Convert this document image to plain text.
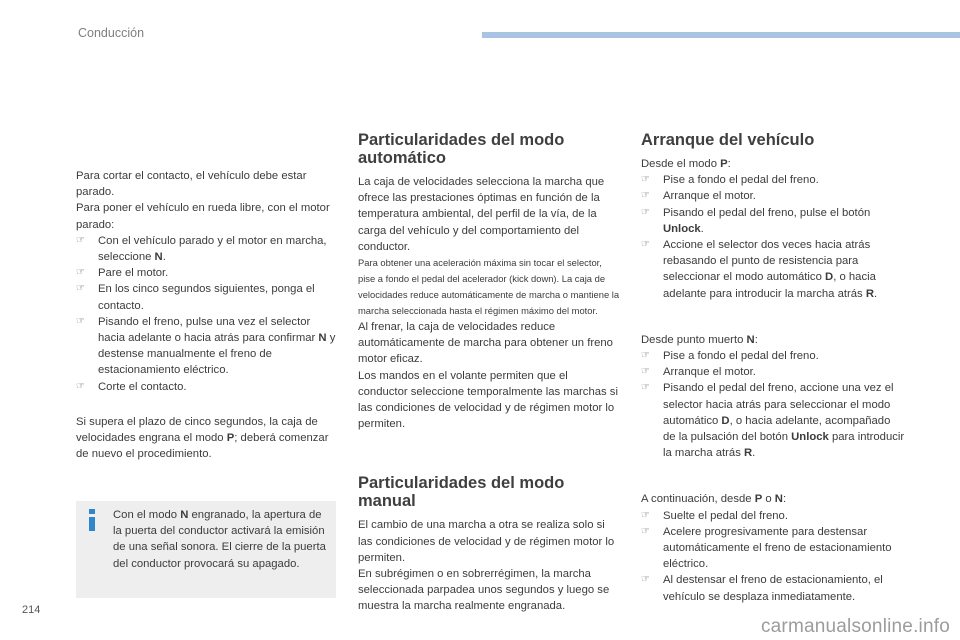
Conducción

Para cortar el contacto, el vehículo debe estar parado.

Para poner el vehículo en rueda libre, con el motor parado:

☞ Con el vehículo parado y el motor en marcha, seleccione N.
☞ Pare el motor.
☞ En los cinco segundos siguientes, ponga el contacto.
☞ Pisando el freno, pulse una vez el selector hacia adelante o hacia atrás para confirmar N y destense manualmente el freno de estacionamiento eléctrico.
☞ Corte el contacto.

Si supera el plazo de cinco segundos, la caja de velocidades engrana el modo P; deberá comenzar de nuevo el procedimiento.

Con el modo N engranado, la apertura de la puerta del conductor activará la emisión de una señal sonora. El cierre de la puerta del conductor provocará su apagado.

Particularidades del modo automático

La caja de velocidades selecciona la marcha que ofrece las prestaciones óptimas en función de la temperatura ambiental, del perfil de la vía, de la carga del vehículo y del comportamiento del conductor.

Para obtener una aceleración máxima sin tocar el selector, pise a fondo el pedal del acelerador (kick down). La caja de velocidades reduce automáticamente de marcha o mantiene la marcha seleccionada hasta el régimen máximo del motor.

Al frenar, la caja de velocidades reduce automáticamente de marcha para obtener un freno motor eficaz.

Los mandos en el volante permiten que el conductor seleccione temporalmente las marchas si las condiciones de velocidad y de régimen motor lo permiten.

Particularidades del modo manual

El cambio de una marcha a otra se realiza solo si las condiciones de velocidad y de régimen motor lo permiten.

En subrégimen o en sobrerrégimen, la marcha seleccionada parpadea unos segundos y luego se muestra la marcha realmente engranada.

Arranque del vehículo

Desde el modo P:

☞ Pise a fondo el pedal del freno.
☞ Arranque el motor.
☞ Pisando el pedal del freno, pulse el botón
Unlock.
☞ Accione el selector dos veces hacia atrás rebasando el punto de resistencia para seleccionar el modo automático D, o hacia adelante para introducir la marcha atrás R.

Desde punto muerto N:

☞ Pise a fondo el pedal del freno.
☞ Arranque el motor.
☞ Pisando el pedal del freno, accione una vez el selector hacia atrás para seleccionar el modo automático D, o hacia adelante, acompañado de la pulsación del botón Unlock para introducir la marcha atrás R.

A continuación, desde P o N:

☞ Suelte el pedal del freno.
☞ Acelere progresivamente para destensar automáticamente el freno de estacionamiento eléctrico.
☞ Al destensar el freno de estacionamiento, el vehículo se desplaza inmediatamente.
214
carmanualsonline.info
